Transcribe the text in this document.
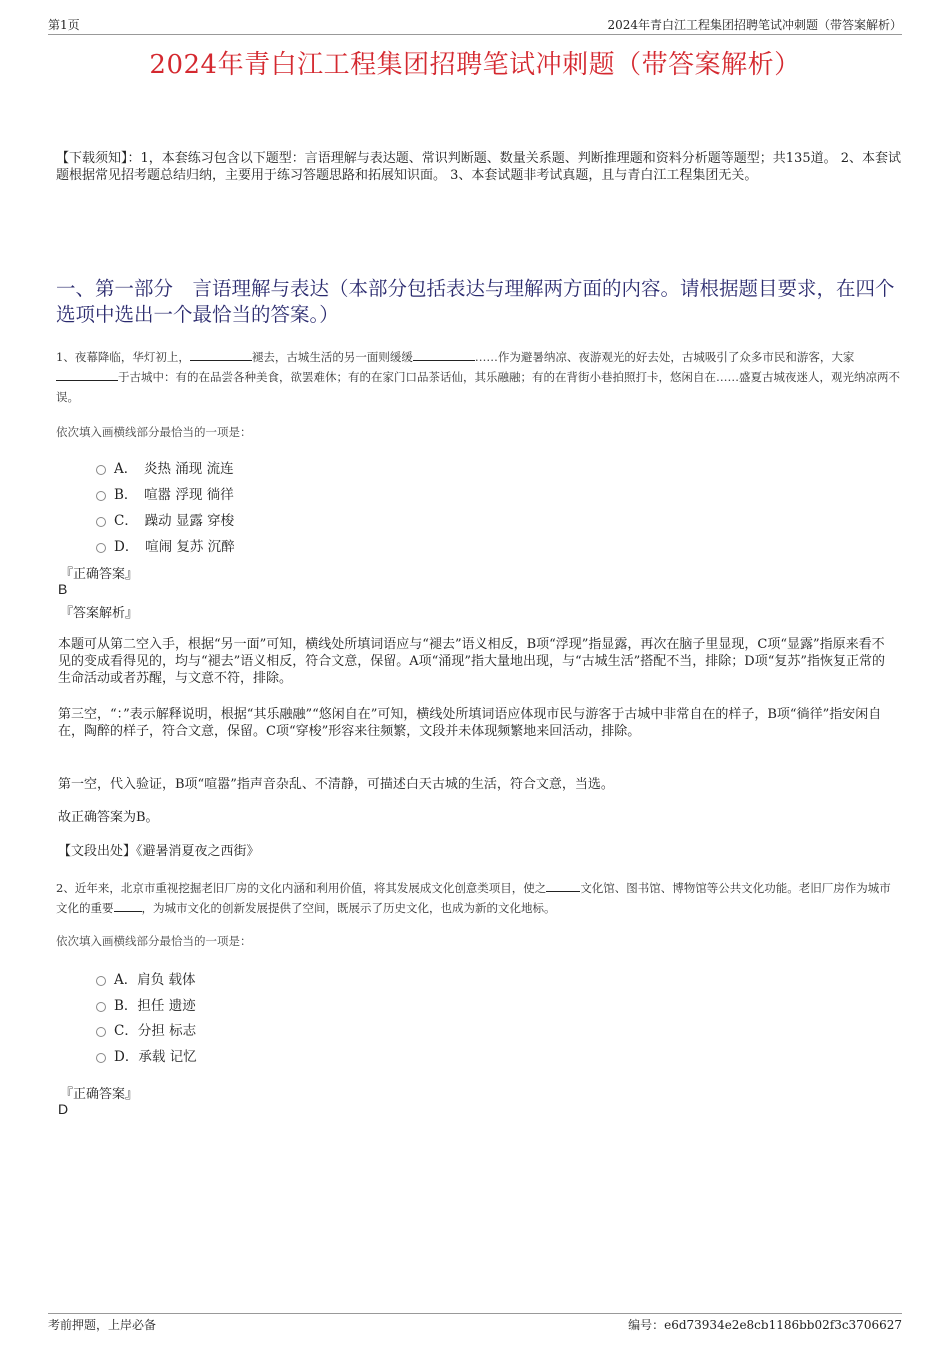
第1页	2024年青白江工程集团招聘笔试冲刺题（带答案解析）
2024年青白江工程集团招聘笔试冲刺题（带答案解析）
【下载须知】：1，本套练习包含以下题型：言语理解与表达题、常识判断题、数量关系题、判断推理题和资料分析题等题型；共135道。 2、本套试题根据常见招考题总结归纳，主要用于练习答题思路和拓展知识面。 3、本套试题非考试真题，且与青白江工程集团无关。
一、第一部分　言语理解与表达（本部分包括表达与理解两方面的内容。请根据题目要求，在四个选项中选出一个最恰当的答案。）
1、夜幕降临，华灯初上，	褪去，古城生活的另一面则缓缓	……作为避暑纳凉、夜游观光的好去处，古城吸引了众多市民和游客，大家于古城中：有的在品尝各种美食，欲罢难休；有的在家门口品茶话仙，其乐融融；有的在背街小巷拍照打卡，悠闲自在……盛夏古城夜迷人，观光纳凉两不误。
依次填入画横线部分最恰当的一项是：
A．　炎热 涌现 流连
B．　喧嚣 浮现 徜徉
C．　躁动 显露 穿梭
D．　喧闹 复苏 沉醉
『正确答案』
B
『答案解析』
本题可从第二空入手，根据“另一面”可知，横线处所填词语应与“褪去”语义相反，B项“浮现”指显露，再次在脑子里显现，C项“显露”指原来看不见的变成看得见的，均与“褪去”语义相反，符合文意，保留。A项“涌现”指大量地出现，与“古城生活”搭配不当，排除；D项“复苏”指恢复正常的生命活动或者苏醒，与文意不符，排除。
第三空，“：”表示解释说明，根据“其乐融融”“悠闲自在”可知，横线处所填词语应体现市民与游客于古城中非常自在的样子，B项“徜徉”指安闲自在，陶醉的样子，符合文意，保留。C项“穿梭”形容来往频繁，文段并未体现频繁地来回活动，排除。
第一空，代入验证，B项“喧嚣”指声音杂乱、不清静，可描述白天古城的生活，符合文意，当选。
故正确答案为B。
【文段出处】《避暑消夏夜之西街》
2、近年来，北京市重视挖掘老旧厂房的文化内涵和利用价值，将其发展成文化创意类项目，使之	文化馆、图书馆、博物馆等公共文化功能。老旧厂房作为城市文化的重要 ，为城市文化的创新发展提供了空间，既展示了历史文化，也成为新的文化地标。
依次填入画横线部分最恰当的一项是：
A．肩负 载体
B．担任 遗迹
C．分担 标志
D．承载 记忆
『正确答案』
D
考前押题，上岸必备	编号：e6d73934e2e8cb1186bb02f3c3706627
